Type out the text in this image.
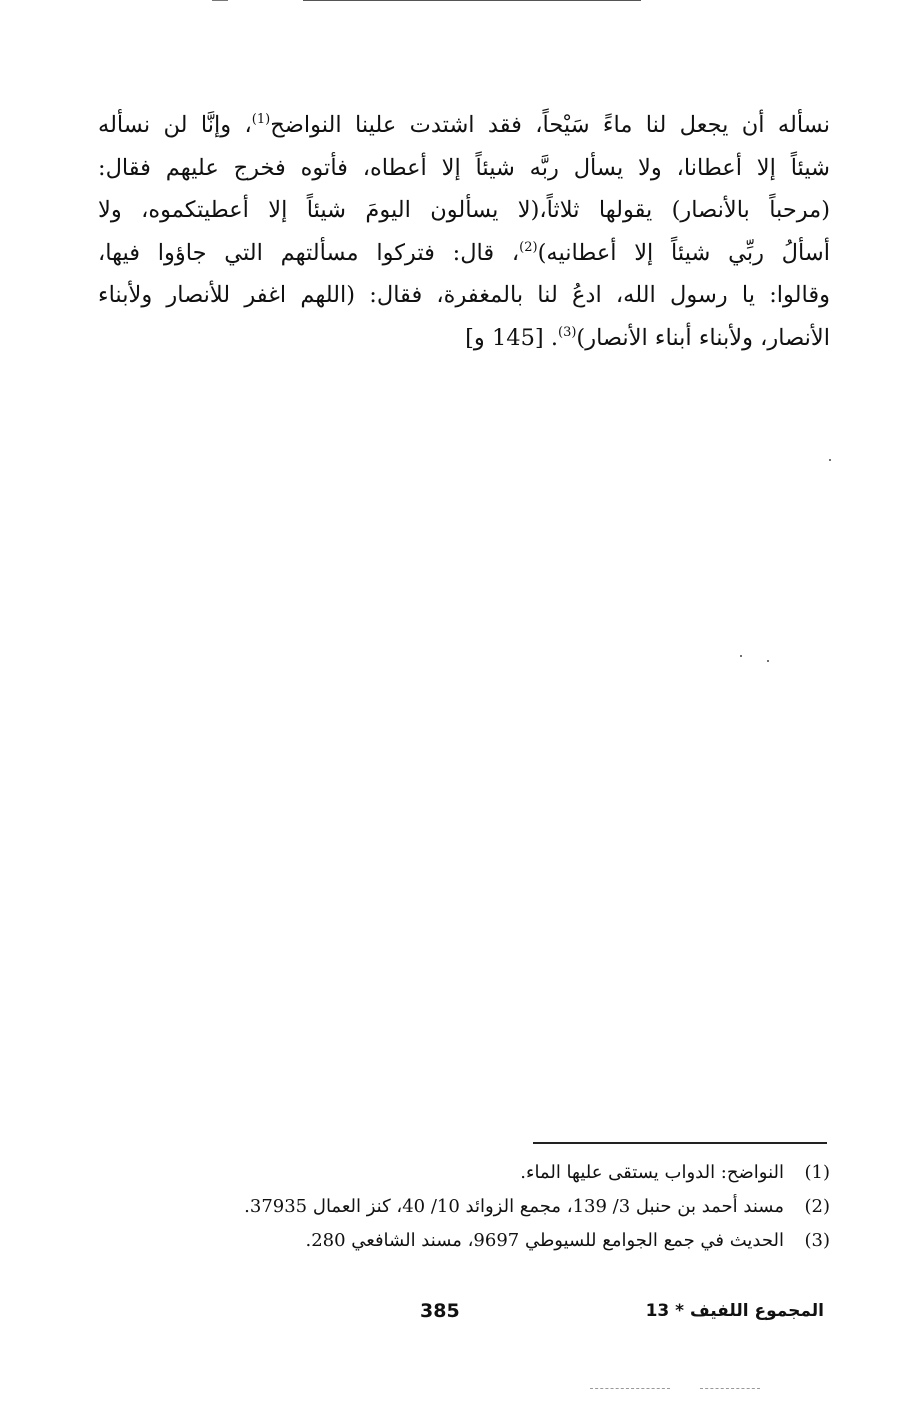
نسأله أن يجعل لنا ماءً سَيْحاً، فقد اشتدت علينا النواضح$^{(1)}$، وإنَّا لن نسأله
شيئاً إلا أعطانا، ولا يسأل ربَّه شيئاً إلا أعطاه، فأتوه فخرج عليهم فقال:
(مرحباً بالأنصار) يقولها ثلاثاً،(لا يسألون اليومَ شيئاً إلا أعطيتكموه، ولا
أسألُ ربِّي شيئاً إلا أعطانيه)$^{(2)}$، قال: فتركوا مسألتهم التي جاؤوا فيها،
وقالوا: يا رسول الله، ادعُ لنا بالمغفرة، فقال: (اللهم اغفر للأنصار ولأبناء
الأنصار، ولأبناء أبناء الأنصار)$^{(3)}$. [145 و]
(1)النواضح: الدواب يستقى عليها الماء.
(2)مسند أحمد بن حنبل 3/ 139، مجمع الزوائد 10/ 40، كنز العمال 37935.
(3)الحديث في جمع الجوامع للسيوطي 9697، مسند الشافعي 280.
385	المجموع اللفيف * 13
